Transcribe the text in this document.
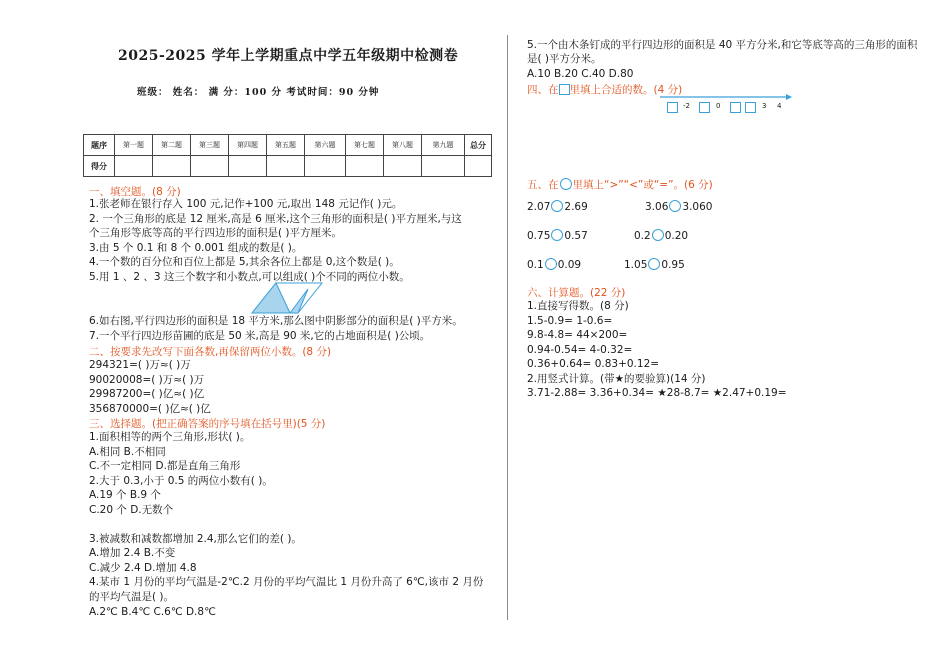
2025-2025 学年上学期重点中学五年级期中检测卷
班级： 姓名： 满 分：100 分 考试时间：90 分钟
题序	第一题	第二题	第三题	第四题	第五题	第六题	第七题	第八题	第九题	总分
得分										
一、填空题。(8 分)
1.张老师在银行存入 100 元,记作+100 元,取出 148 元记作( )元。
2. 一个三角形的底是 12 厘米,高是 6 厘米,这个三角形的面积是( )平方厘米,与这
个三角形等底等高的平行四边形的面积是( )平方厘米。
3.由 5 个 0.1 和 8 个 0.001 组成的数是( )。
4.一个数的百分位和百位上都是 5,其余各位上都是 0,这个数是( )。
5.用 1 、2 、3 这三个数字和小数点,可以组成( )个不同的两位小数。
6.如右图,平行四边形的面积是 18 平方米,那么图中阴影部分的面积是( )平方米。
7.一个平行四边形苗圃的底是 50 米,高是 90 米,它的占地面积是( )公顷。
二、按要求先改写下面各数,再保留两位小数。(8 分)
294321=( )万≈( )万
90020008=( )万≈( )万
29987200=( )亿≈( )亿
356870000=( )亿≈( )亿
三、选择题。(把正确答案的序号填在括号里)(5 分)
1.面积相等的两个三角形,形状( )。
A.相同 B.不相同
C.不一定相同 D.都是直角三角形
2.大于 0.3,小于 0.5 的两位小数有( )。
A.19 个 B.9 个
C.20 个 D.无数个
3.被减数和减数都增加 2.4,那么它们的差( )。
A.增加 2.4 B.不变
C.减少 2.4 D.增加 4.8
4.某市 1 月份的平均气温是-2℃.2 月份的平均气温比 1 月份升高了 6℃,该市 2 月份
的平均气温是( )。
A.2℃ B.4℃ C.6℃ D.8℃
5.一个由木条钉成的平行四边形的面积是 40 平方分米,和它等底等高的三角形的面积
是( )平方分米。
A.10 B.20 C.40 D.80
四、在 里填上合适的数。(4 分)
-2	0	3 4
五、在 里填上“>”“<”或“=”。(6 分)
2.07 2.69	3.06 3.060
0.75 0.57	0.2 0.20
0.1 0.09	1.05 0.95
六、计算题。(22 分)
1.直接写得数。(8 分)
1.5-0.9= 1-0.6=
9.8-4.8= 44×200=
0.94-0.54= 4-0.32=
0.36+0.64= 0.83+0.12=
2.用竖式计算。(带★的要验算)(14 分)
3.71-2.88= 3.36+0.34= ★28-8.7= ★2.47+0.19=
